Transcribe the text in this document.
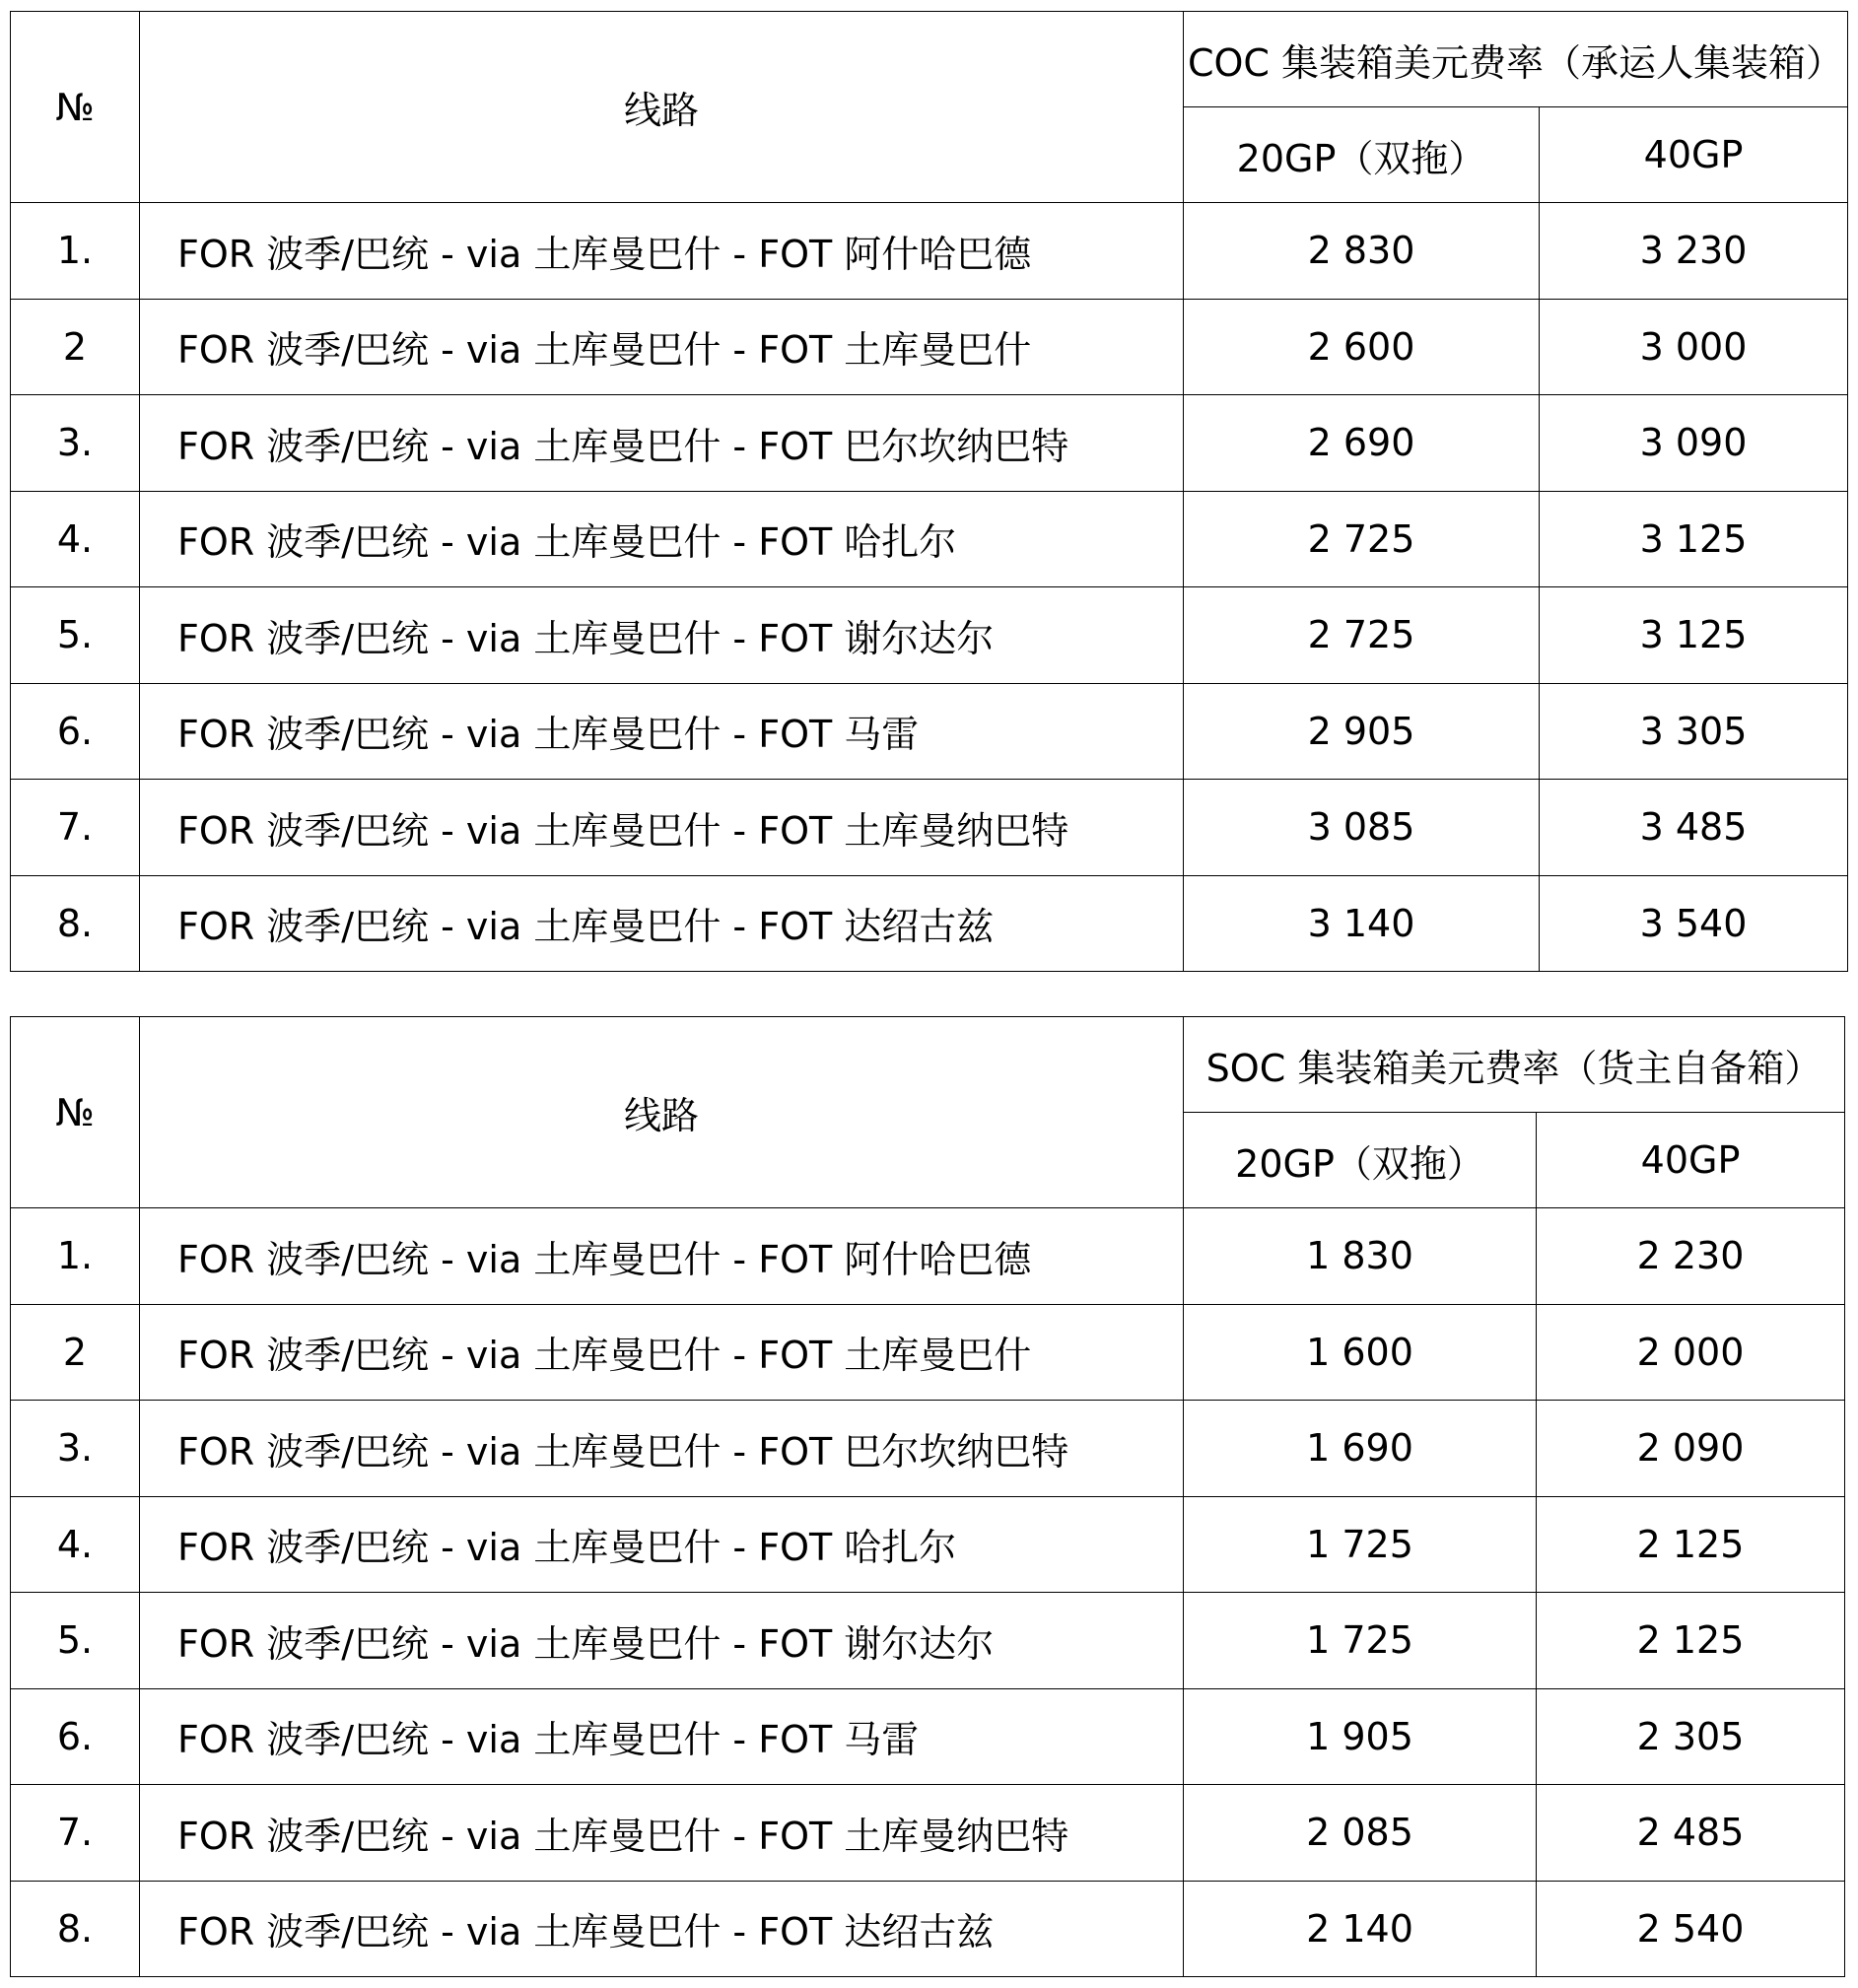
№	线路	COC 集装箱美元费率（承运人集装箱）	
		20GP（双拖）	40GP
1.	FOR 波季/巴统 - via 土库曼巴什 - FOT 阿什哈巴德	2 830	3 230
2	FOR 波季/巴统 - via 土库曼巴什 - FOT 土库曼巴什	2 600	3 000
3.	FOR 波季/巴统 - via 土库曼巴什 - FOT 巴尔坎纳巴特	2 690	3 090
4.	FOR 波季/巴统 - via 土库曼巴什 - FOT 哈扎尔	2 725	3 125
5.	FOR 波季/巴统 - via 土库曼巴什 - FOT 谢尔达尔	2 725	3 125
6.	FOR 波季/巴统 - via 土库曼巴什 - FOT 马雷	2 905	3 305
7.	FOR 波季/巴统 - via 土库曼巴什 - FOT 土库曼纳巴特	3 085	3 485
8.	FOR 波季/巴统 - via 土库曼巴什 - FOT 达绍古兹	3 140	3 540
№	线路	SOC 集装箱美元费率（货主自备箱）	
		20GP（双拖）	40GP
1.	FOR 波季/巴统 - via 土库曼巴什 - FOT 阿什哈巴德	1 830	2 230
2	FOR 波季/巴统 - via 土库曼巴什 - FOT 土库曼巴什	1 600	2 000
3.	FOR 波季/巴统 - via 土库曼巴什 - FOT 巴尔坎纳巴特	1 690	2 090
4.	FOR 波季/巴统 - via 土库曼巴什 - FOT 哈扎尔	1 725	2 125
5.	FOR 波季/巴统 - via 土库曼巴什 - FOT 谢尔达尔	1 725	2 125
6.	FOR 波季/巴统 - via 土库曼巴什 - FOT 马雷	1 905	2 305
7.	FOR 波季/巴统 - via 土库曼巴什 - FOT 土库曼纳巴特	2 085	2 485
8.	FOR 波季/巴统 - via 土库曼巴什 - FOT 达绍古兹	2 140	2 540
